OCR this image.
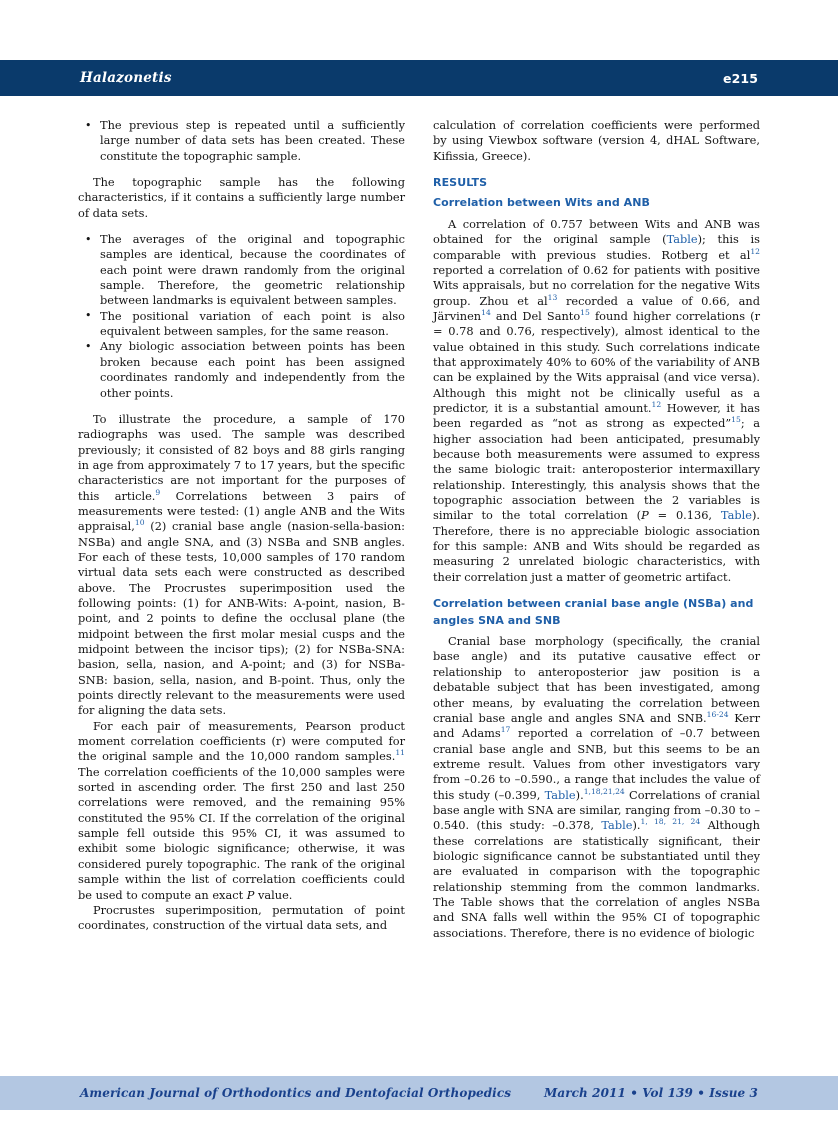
Halazonetis	e215
• The previous step is repeated until a sufficiently large number of data sets has been created. These constitute the topographic sample.

The topographic sample has the following characteristics, if it contains a sufficiently large number of data sets.

• The averages of the original and topographic samples are identical, because the coordinates of each point were drawn randomly from the original sample. Therefore, the geometric relationship between landmarks is equivalent between samples.
• The positional variation of each point is also equivalent between samples, for the same reason.
• Any biologic association between points has been broken because each point has been assigned coordinates randomly and independently from the other points.

To illustrate the procedure, a sample of 170 radiographs was used. The sample was described previously; it consisted of 82 boys and 88 girls ranging in age from approximately 7 to 17 years, but the specific characteristics are not important for the purposes of this article.$^9$ Correlations between 3 pairs of measurements were tested: (1) angle ANB and the Wits appraisal,$^{10}$ (2) cranial base angle (nasion-sella-basion: NSBa) and angle SNA, and (3) NSBa and SNB angles. For each of these tests, 10,000 samples of 170 random virtual data sets each were constructed as described above. The Procrustes superimposition used the following points: (1) for ANB-Wits: A-point, nasion, B-point, and 2 points to define the occlusal plane (the midpoint between the first molar mesial cusps and the midpoint between the incisor tips); (2) for NSBa-SNA: basion, sella, nasion, and A-point; and (3) for NSBa-SNB: basion, sella, nasion, and B-point. Thus, only the points directly relevant to the measurements were used for aligning the data sets.

For each pair of measurements, Pearson product moment correlation coefficients (r) were computed for the original sample and the 10,000 random samples.$^{11}$ The correlation coefficients of the 10,000 samples were sorted in ascending order. The first 250 and last 250 correlations were removed, and the remaining 95% constituted the 95% CI. If the correlation of the original sample fell outside this 95% CI, it was assumed to exhibit some biologic significance; otherwise, it was considered purely topographic. The rank of the original sample within the list of correlation coefficients could be used to compute an exact P value.

Procrustes superimposition, permutation of point coordinates, construction of the virtual data sets, and

calculation of correlation coefficients were performed by using Viewbox software (version 4, dHAL Software, Kifissia, Greece).

RESULTS
Correlation between Wits and ANB

A correlation of 0.757 between Wits and ANB was obtained for the original sample (Table); this is comparable with previous studies. Rotberg et al$^{12}$ reported a correlation of 0.62 for patients with positive Wits appraisals, but no correlation for the negative Wits group. Zhou et al$^{13}$ recorded a value of 0.66, and Järvinen$^{14}$ and Del Santo$^{15}$ found higher correlations (r = 0.78 and 0.76, respectively), almost identical to the value obtained in this study. Such correlations indicate that approximately 40% to 60% of the variability of ANB can be explained by the Wits appraisal (and vice versa). Although this might not be clinically useful as a predictor, it is a substantial amount.$^{12}$ However, it has been regarded as “not as strong as expected”$^{15}$; a higher association had been anticipated, presumably because both measurements were assumed to express the same biologic trait: anteroposterior intermaxillary relationship. Interestingly, this analysis shows that the topographic association between the 2 variables is similar to the total correlation (P = 0.136, Table). Therefore, there is no appreciable biologic association for this sample: ANB and Wits should be regarded as measuring 2 unrelated biologic characteristics, with their correlation just a matter of geometric artifact.

Correlation between cranial base angle (NSBa) and angles SNA and SNB

Cranial base morphology (specifically, the cranial base angle) and its putative causative effect or relationship to anteroposterior jaw position is a debatable subject that has been investigated, among other means, by evaluating the correlation between cranial base angle and angles SNA and SNB.$^{16-24}$ Kerr and Adams$^{17}$ reported a correlation of –0.7 between cranial base angle and SNB, but this seems to be an extreme result. Values from other investigators vary from –0.26 to –0.590., a range that includes the value of this study (–0.399, Table).$^{1,18,21,24}$ Correlations of cranial base angle with SNA are similar, ranging from –0.30 to –0.540. (this study: –0.378, Table).$^{1, 18, 21, 24}$ Although these correlations are statistically significant, their biologic significance cannot be substantiated until they are evaluated in comparison with the topographic relationship stemming from the common landmarks. The Table shows that the correlation of angles NSBa and SNA falls well within the 95% CI of topographic associations. Therefore, there is no evidence of biologic

American Journal of Orthodontics and Dentofacial Orthopedics	March 2011 • Vol 139 • Issue 3
